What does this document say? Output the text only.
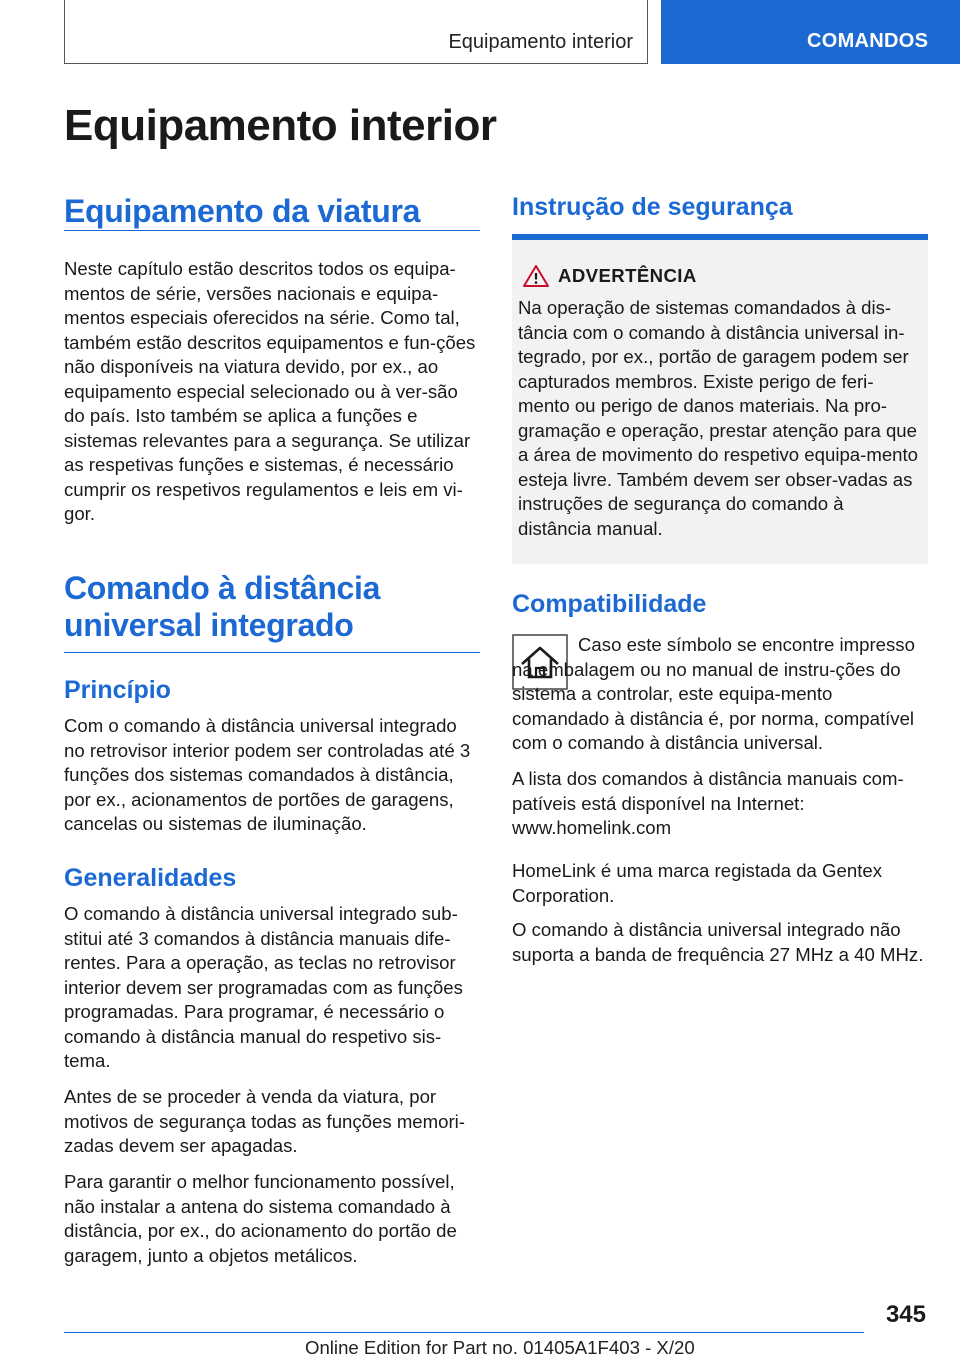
Equipamento interior	COMANDOS
Equipamento interior
Equipamento da viatura

Neste capítulo estão descritos todos os equipa-mentos de série, versões nacionais e equipa-mentos especiais oferecidos na série. Como tal, também estão descritos equipamentos e fun-ções não disponíveis na viatura devido, por ex., ao equipamento especial selecionado ou à ver-são do país. Isto também se aplica a funções e sistemas relevantes para a segurança. Se utilizar as respetivas funções e sistemas, é necessário cumprir os respetivos regulamentos e leis em vi-gor.

Comando à distância universal integrado
Princípio

Com o comando à distância universal integrado no retrovisor interior podem ser controladas até 3 funções dos sistemas comandados à distância, por ex., acionamentos de portões de garagens, cancelas ou sistemas de iluminação.

Generalidades

O comando à distância universal integrado sub-stitui até 3 comandos à distância manuais dife-rentes. Para a operação, as teclas no retrovisor interior devem ser programadas com as funções programadas. Para programar, é necessário o comando à distância manual do respetivo sis-tema.

Antes de se proceder à venda da viatura, por motivos de segurança todas as funções memori-zadas devem ser apagadas.

Para garantir o melhor funcionamento possível, não instalar a antena do sistema comandado à distância, por ex., do acionamento do portão de garagem, junto a objetos metálicos.

Instrução de segurança
ADVERTÊNCIA

Na operação de sistemas comandados à dis-tância com o comando à distância universal in-tegrado, por ex., portão de garagem podem ser capturados membros. Existe perigo de feri-mento ou perigo de danos materiais. Na pro-gramação e operação, prestar atenção para que a área de movimento do respetivo equipa-mento esteja livre. Também devem ser obser-vadas as instruções de segurança do comando à distância manual.

Compatibilidade

Caso este símbolo se encontre impresso na embalagem ou no manual de instru-ções do sistema a controlar, este equipa-mento comandado à distância é, por norma, compatível com o comando à distância universal.

A lista dos comandos à distância manuais com-patíveis está disponível na Internet:

www.homelink.com

HomeLink é uma marca registada da Gentex Corporation.

O comando à distância universal integrado não suporta a banda de frequência 27 MHz a 40 MHz.

345
Online Edition for Part no. 01405A1F403 - X/20
